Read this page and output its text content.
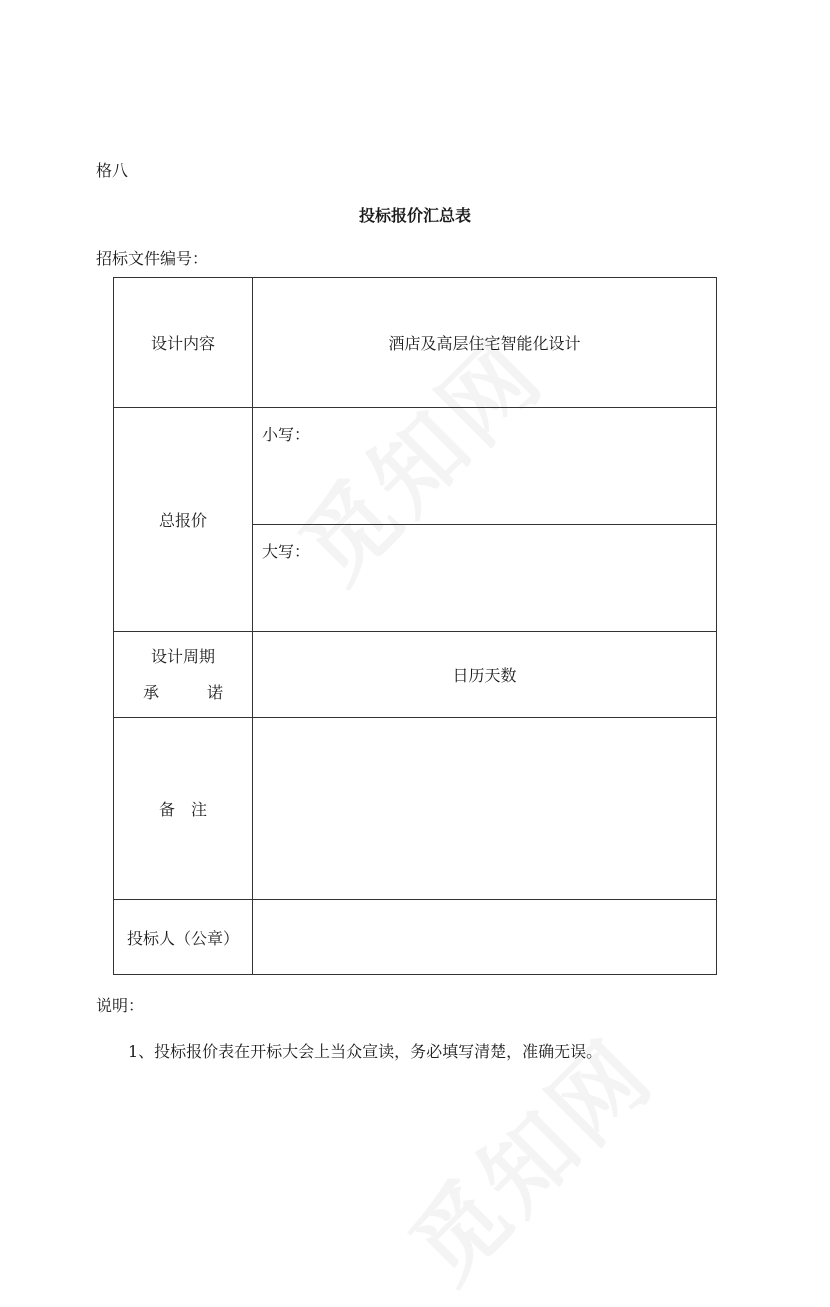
格八
投标报价汇总表
招标文件编号：
设计内容	酒店及高层住宅智能化设计
总报价	小写：
	大写：

设计周期
承 诺	日历天数
备 注	
投标人（公章）	
说明：
1、投标报价表在开标大会上当众宣读，务必填写清楚，准确无误。
